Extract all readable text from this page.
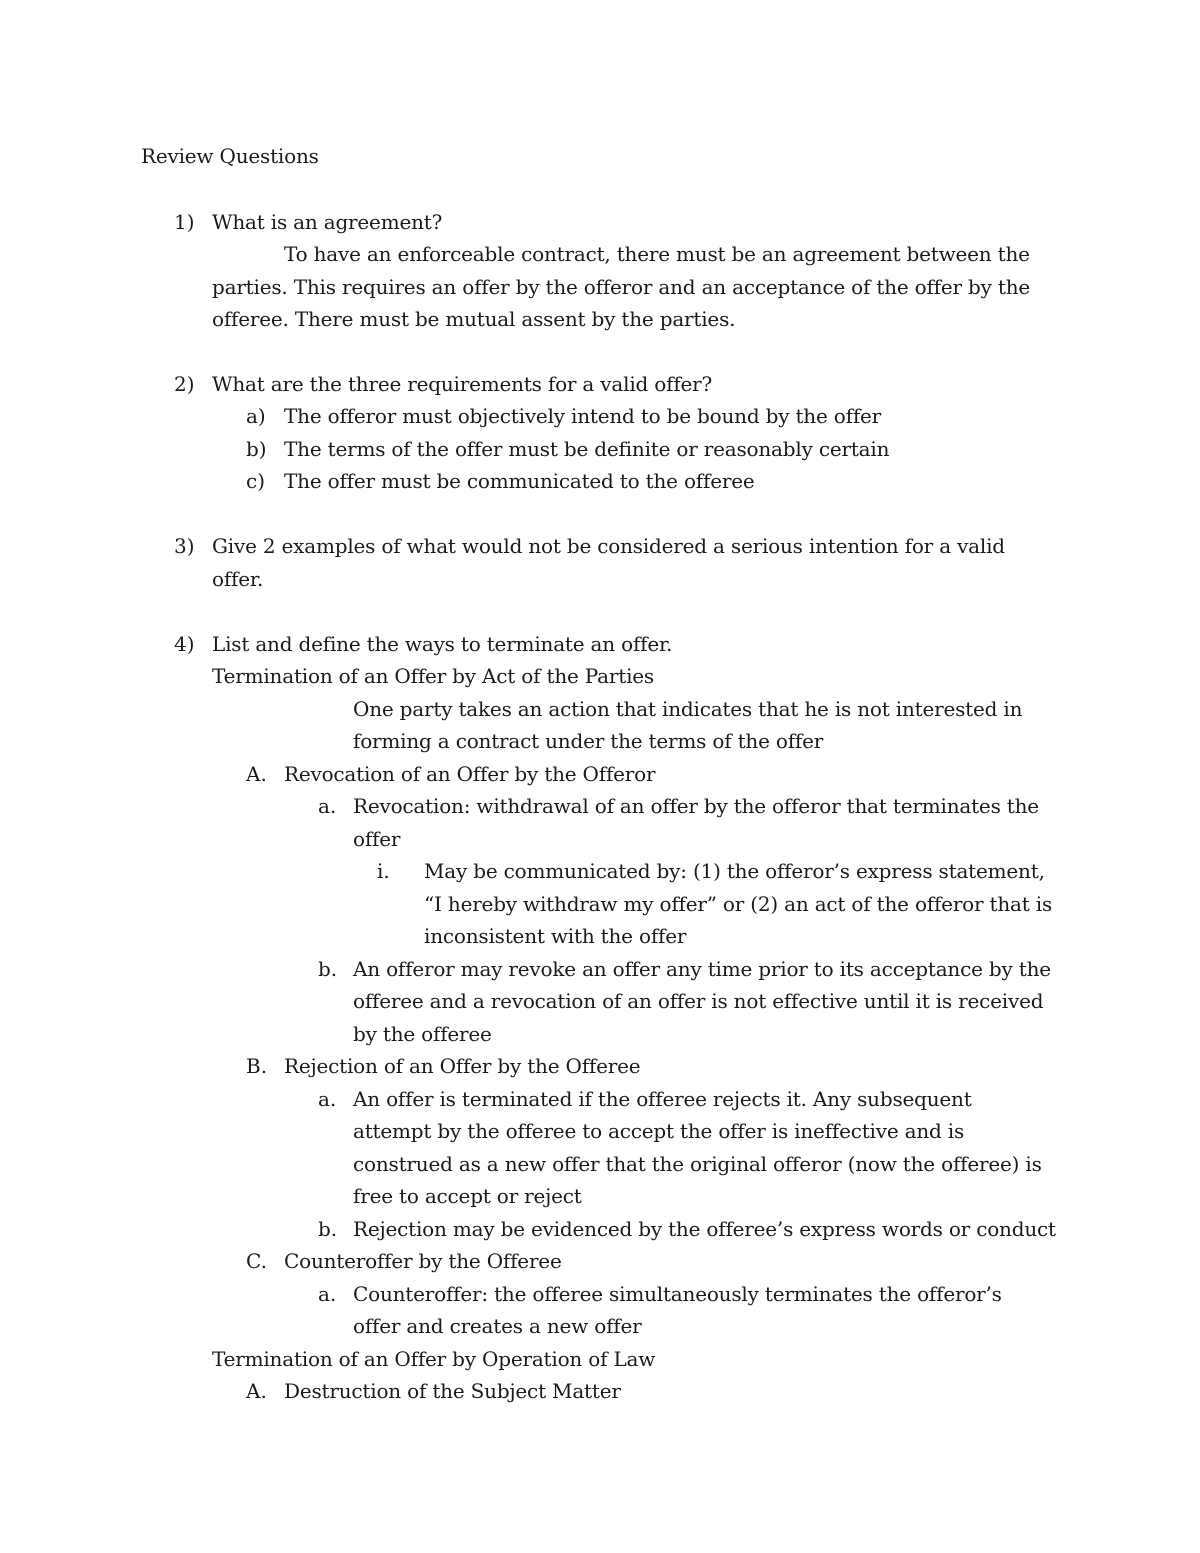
Review Questions
1) What is an agreement?
To have an enforceable contract, there must be an agreement between the
parties. This requires an offer by the offeror and an acceptance of the offer by the
offeree. There must be mutual assent by the parties.
2) What are the three requirements for a valid offer?
a) The offeror must objectively intend to be bound by the offer
b) The terms of the offer must be definite or reasonably certain
c) The offer must be communicated to the offeree
3) Give 2 examples of what would not be considered a serious intention for a valid
offer.
4) List and define the ways to terminate an offer.
Termination of an Offer by Act of the Parties
One party takes an action that indicates that he is not interested in
forming a contract under the terms of the offer
A. Revocation of an Offer by the Offeror
a. Revocation: withdrawal of an offer by the offeror that terminates the
offer
i. May be communicated by: (1) the offeror’s express statement,
“I hereby withdraw my offer” or (2) an act of the offeror that is
inconsistent with the offer
b. An offeror may revoke an offer any time prior to its acceptance by the
offeree and a revocation of an offer is not effective until it is received
by the offeree
B. Rejection of an Offer by the Offeree
a. An offer is terminated if the offeree rejects it. Any subsequent
attempt by the offeree to accept the offer is ineffective and is
construed as a new offer that the original offeror (now the offeree) is
free to accept or reject
b. Rejection may be evidenced by the offeree’s express words or conduct
C. Counteroffer by the Offeree
a. Counteroffer: the offeree simultaneously terminates the offeror’s
offer and creates a new offer
Termination of an Offer by Operation of Law
A. Destruction of the Subject Matter
